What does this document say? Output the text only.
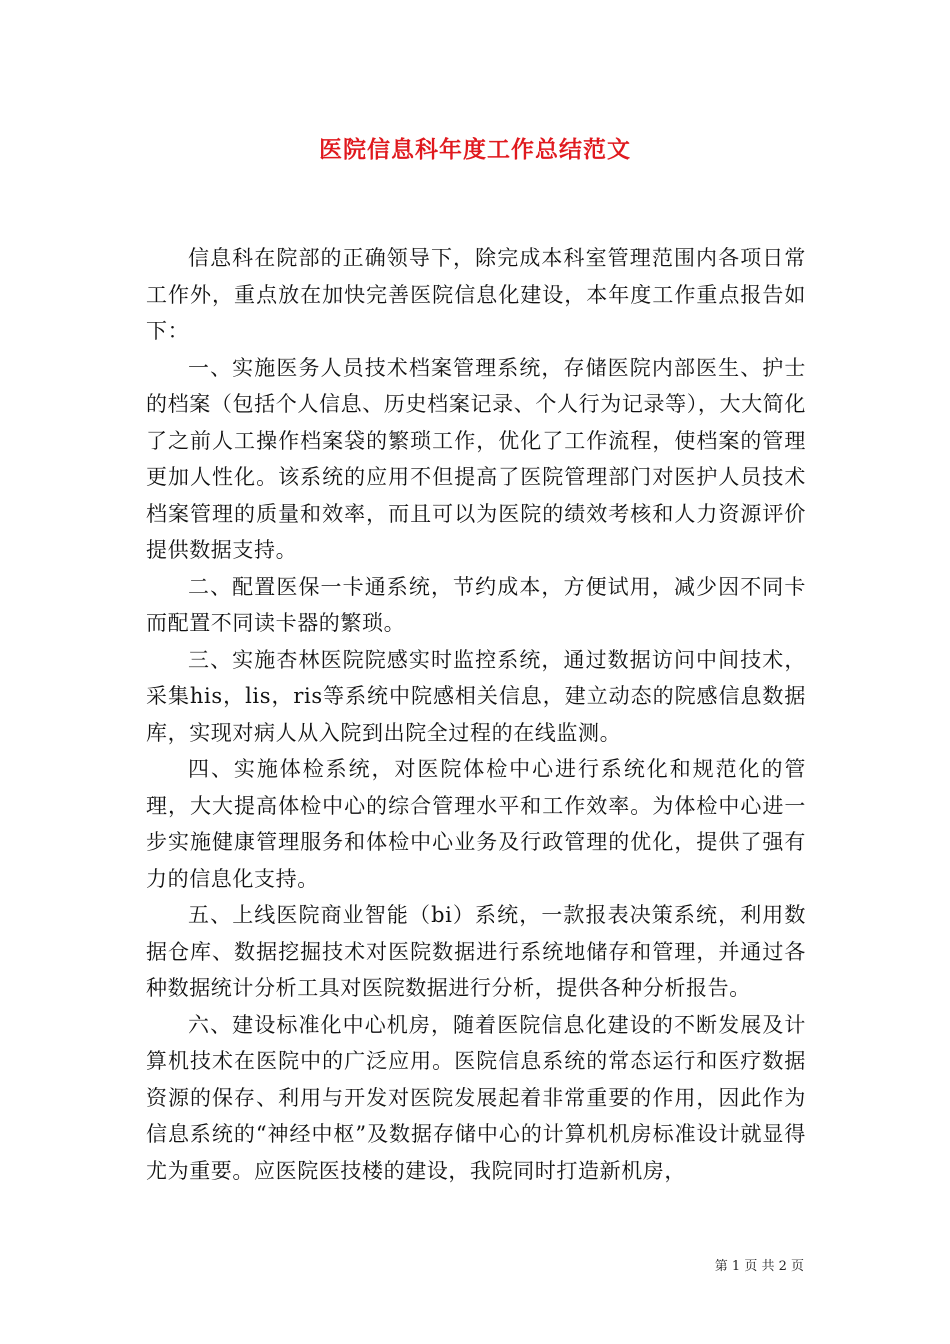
医院信息科年度工作总结范文

信息科在院部的正确领导下，除完成本科室管理范围内各项日常工作外，重点放在加快完善医院信息化建设，本年度工作重点报告如下：

一、实施医务人员技术档案管理系统，存储医院内部医生、护士的档案（包括个人信息、历史档案记录、个人行为记录等），大大简化了之前人工操作档案袋的繁琐工作，优化了工作流程，使档案的管理更加人性化。该系统的应用不但提高了医院管理部门对医护人员技术档案管理的质量和效率，而且可以为医院的绩效考核和人力资源评价提供数据支持。

二、配置医保一卡通系统，节约成本，方便试用，减少因不同卡而配置不同读卡器的繁琐。

三、实施杏林医院院感实时监控系统，通过数据访问中间技术，采集his，lis，ris等系统中院感相关信息，建立动态的院感信息数据库，实现对病人从入院到出院全过程的在线监测。

四、实施体检系统，对医院体检中心进行系统化和规范化的管理，大大提高体检中心的综合管理水平和工作效率。为体检中心进一步实施健康管理服务和体检中心业务及行政管理的优化，提供了强有力的信息化支持。

五、上线医院商业智能（bi）系统，一款报表决策系统，利用数据仓库、数据挖掘技术对医院数据进行系统地储存和管理，并通过各种数据统计分析工具对医院数据进行分析，提供各种分析报告。

六、建设标准化中心机房，随着医院信息化建设的不断发展及计算机技术在医院中的广泛应用。医院信息系统的常态运行和医疗数据资源的保存、利用与开发对医院发展起着非常重要的作用，因此作为信息系统的“神经中枢”及数据存储中心的计算机机房标准设计就显得尤为重要。应医院医技楼的建设，我院同时打造新机房，

第 1 页 共 2 页
